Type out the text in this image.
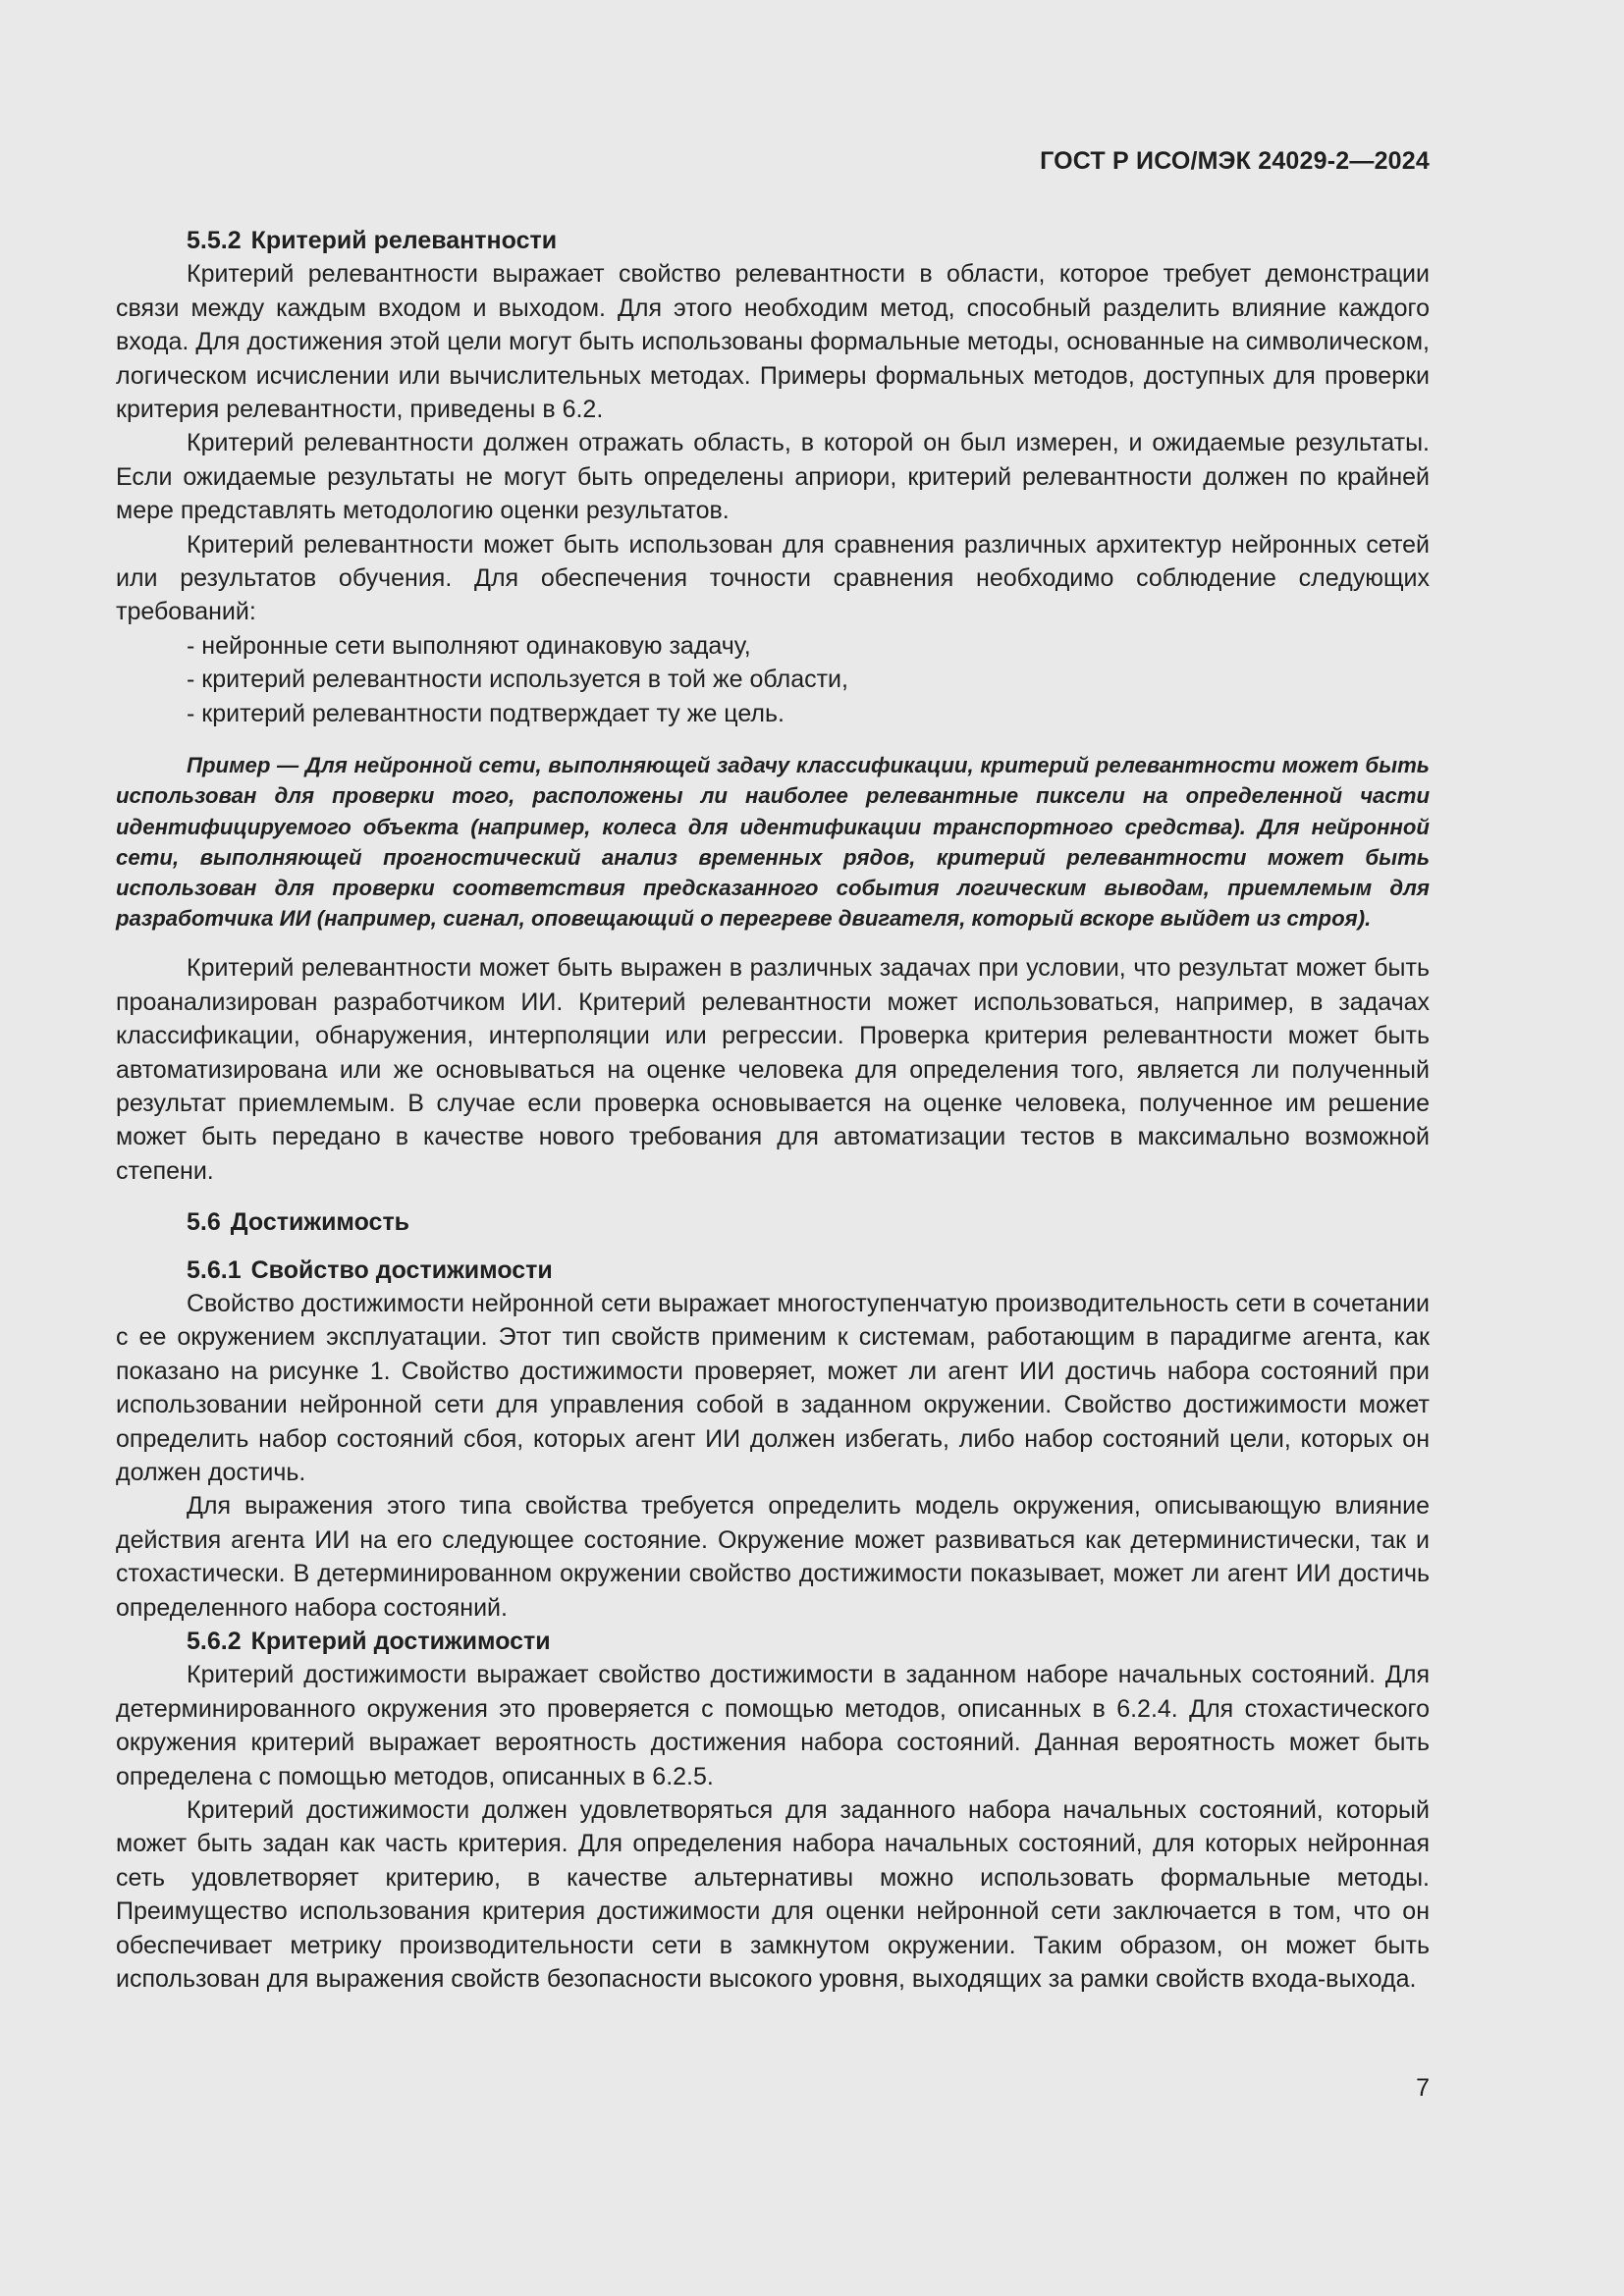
ГОСТ Р ИСО/МЭК 24029-2—2024
5.5.2 Критерий релевантности

Критерий релевантности выражает свойство релевантности в области, которое требует демонстрации связи между каждым входом и выходом. Для этого необходим метод, способный разделить влияние каждого входа. Для достижения этой цели могут быть использованы формальные методы, основанные на символическом, логическом исчислении или вычислительных методах. Примеры формальных методов, доступных для проверки критерия релевантности, приведены в 6.2.

Критерий релевантности должен отражать область, в которой он был измерен, и ожидаемые результаты. Если ожидаемые результаты не могут быть определены априори, критерий релевантности должен по крайней мере представлять методологию оценки результатов.

Критерий релевантности может быть использован для сравнения различных архитектур нейронных сетей или результатов обучения. Для обеспечения точности сравнения необходимо соблюдение следующих требований:

- нейронные сети выполняют одинаковую задачу,
- критерий релевантности используется в той же области,
- критерий релевантности подтверждает ту же цель.

Пример — Для нейронной сети, выполняющей задачу классификации, критерий релевантности может быть использован для проверки того, расположены ли наиболее релевантные пиксели на определенной части идентифицируемого объекта (например, колеса для идентификации транспортного средства). Для нейронной сети, выполняющей прогностический анализ временных рядов, критерий релевантности может быть использован для проверки соответствия предсказанного события логическим выводам, приемлемым для разработчика ИИ (например, сигнал, оповещающий о перегреве двигателя, который вскоре выйдет из строя).

Критерий релевантности может быть выражен в различных задачах при условии, что результат может быть проанализирован разработчиком ИИ. Критерий релевантности может использоваться, например, в задачах классификации, обнаружения, интерполяции или регрессии. Проверка критерия релевантности может быть автоматизирована или же основываться на оценке человека для определения того, является ли полученный результат приемлемым. В случае если проверка основывается на оценке человека, полученное им решение может быть передано в качестве нового требования для автоматизации тестов в максимально возможной степени.

5.6 Достижимость
5.6.1 Свойство достижимости

Свойство достижимости нейронной сети выражает многоступенчатую производительность сети в сочетании с ее окружением эксплуатации. Этот тип свойств применим к системам, работающим в парадигме агента, как показано на рисунке 1. Свойство достижимости проверяет, может ли агент ИИ достичь набора состояний при использовании нейронной сети для управления собой в заданном окружении. Свойство достижимости может определить набор состояний сбоя, которых агент ИИ должен избегать, либо набор состояний цели, которых он должен достичь.

Для выражения этого типа свойства требуется определить модель окружения, описывающую влияние действия агента ИИ на его следующее состояние. Окружение может развиваться как детерминистически, так и стохастически. В детерминированном окружении свойство достижимости показывает, может ли агент ИИ достичь определенного набора состояний.

5.6.2 Критерий достижимости

Критерий достижимости выражает свойство достижимости в заданном наборе начальных состояний. Для детерминированного окружения это проверяется с помощью методов, описанных в 6.2.4. Для стохастического окружения критерий выражает вероятность достижения набора состояний. Данная вероятность может быть определена с помощью методов, описанных в 6.2.5.

Критерий достижимости должен удовлетворяться для заданного набора начальных состояний, который может быть задан как часть критерия. Для определения набора начальных состояний, для которых нейронная сеть удовлетворяет критерию, в качестве альтернативы можно использовать формальные методы. Преимущество использования критерия достижимости для оценки нейронной сети заключается в том, что он обеспечивает метрику производительности сети в замкнутом окружении. Таким образом, он может быть использован для выражения свойств безопасности высокого уровня, выходящих за рамки свойств входа-выхода.

7
